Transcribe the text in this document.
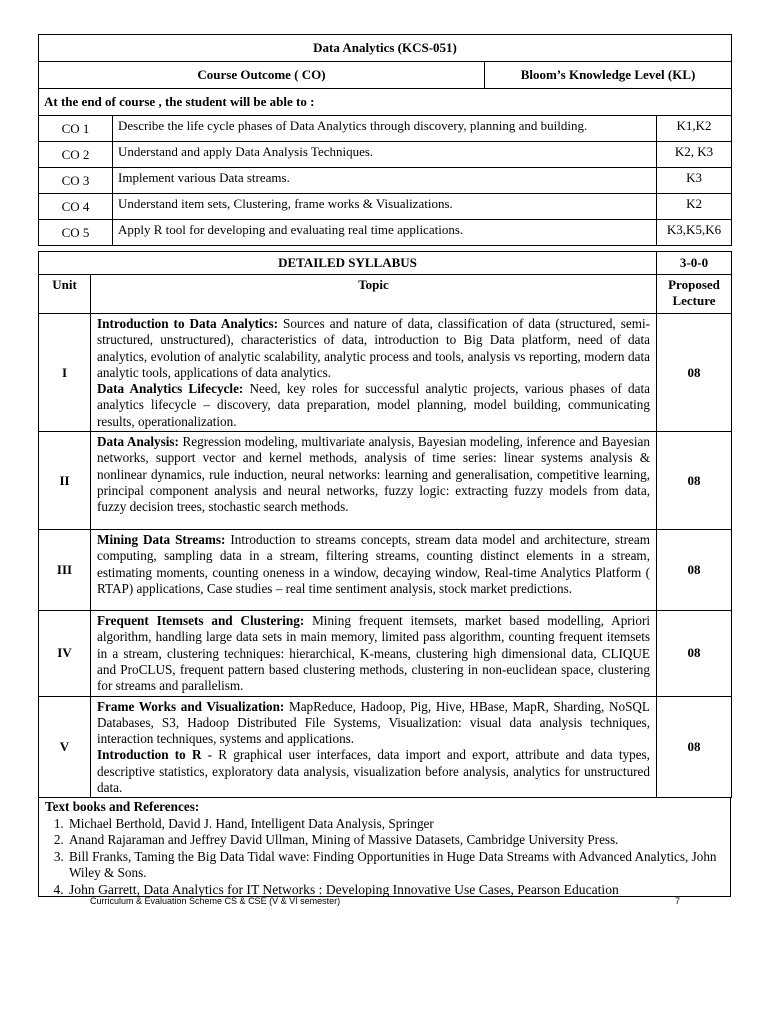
Data Analytics (KCS-051)			
Course Outcome ( CO)		Bloom’s Knowledge Level (KL)	
At the end of course , the student will be able to :			
CO 1	Describe the life cycle phases of Data Analytics through discovery, planning and building.		K1,K2
CO 2	Understand and apply Data Analysis Techniques.		K2, K3
CO 3	Implement various Data streams.		K3
CO 4	Understand item sets, Clustering, frame works & Visualizations.		K2
CO 5	Apply R tool for developing and evaluating real time applications.		K3,K5,K6
DETAILED SYLLABUS		3-0-0
Unit	Topic	Proposed Lecture
I	Introduction to Data Analytics: Sources and nature of data, classification of data (structured, semi-structured, unstructured), characteristics of data, introduction to Big Data platform, need of data analytics, evolution of analytic scalability, analytic process and tools, analysis vs reporting, modern data analytic tools, applications of data analytics.
Data Analytics Lifecycle: Need, key roles for successful analytic projects, various phases of data analytics lifecycle – discovery, data preparation, model planning, model building, communicating results, operationalization.	08
II	Data Analysis: Regression modeling, multivariate analysis, Bayesian modeling, inference and Bayesian networks, support vector and kernel methods, analysis of time series: linear systems analysis & nonlinear dynamics, rule induction, neural networks: learning and generalisation, competitive learning, principal component analysis and neural networks, fuzzy logic: extracting fuzzy models from data, fuzzy decision trees, stochastic search methods.	08
III	Mining Data Streams: Introduction to streams concepts, stream data model and architecture, stream computing, sampling data in a stream, filtering streams, counting distinct elements in a stream, estimating moments, counting oneness in a window, decaying window, Real-time Analytics Platform ( RTAP) applications, Case studies – real time sentiment analysis, stock market predictions.	08
IV	Frequent Itemsets and Clustering: Mining frequent itemsets, market based modelling, Apriori algorithm, handling large data sets in main memory, limited pass algorithm, counting frequent itemsets in a stream, clustering techniques: hierarchical, K-means, clustering high dimensional data, CLIQUE and ProCLUS, frequent pattern based clustering methods, clustering in non-euclidean space, clustering for streams and parallelism.	08
V	Frame Works and Visualization: MapReduce, Hadoop, Pig, Hive, HBase, MapR, Sharding, NoSQL Databases, S3, Hadoop Distributed File Systems, Visualization: visual data analysis techniques, interaction techniques, systems and applications.
Introduction to R - R graphical user interfaces, data import and export, attribute and data types, descriptive statistics, exploratory data analysis, visualization before analysis, analytics for unstructured data.	08
Text books and References:
1. Michael Berthold, David J. Hand, Intelligent Data Analysis, Springer
2. Anand Rajaraman and Jeffrey David Ullman, Mining of Massive Datasets, Cambridge University Press.
3. Bill Franks, Taming the Big Data Tidal wave: Finding Opportunities in Huge Data Streams with Advanced Analytics, John Wiley & Sons.
4. John Garrett, Data Analytics for IT Networks : Developing Innovative Use Cases, Pearson Education
Curriculum & Evaluation Scheme CS & CSE (V & VI semester)	7
